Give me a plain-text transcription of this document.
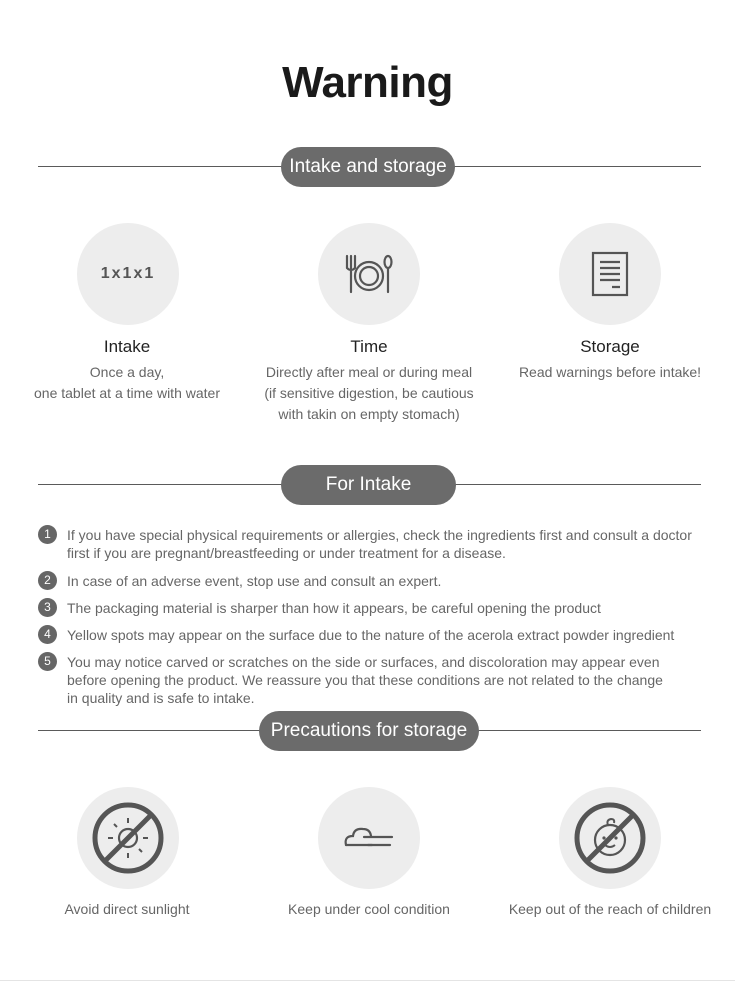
Warning
Intake and storage
1x1x1
Intake
Once a day,
one tablet at a time with water
Time
Directly after meal or during meal
(if sensitive digestion, be cautious
with takin on empty stomach)
Storage
Read warnings before intake!
For Intake
1	If you have special physical requirements or allergies, check the ingredients first and consult a doctor
first if you are pregnant/breastfeeding or under treatment for a disease.
2	In case of an adverse event, stop use and consult an expert.
3	The packaging material is sharper than how it appears, be careful opening the product
4	Yellow spots may appear on the surface due to the nature of the acerola extract powder ingredient
5	You may notice carved or scratches on the side or surfaces, and discoloration may appear even
before opening the product. We reassure you that these conditions are not related to the change
in quality and is safe to intake.
Precautions for storage
Avoid direct sunlight	Keep under cool condition	Keep out of the reach of children
